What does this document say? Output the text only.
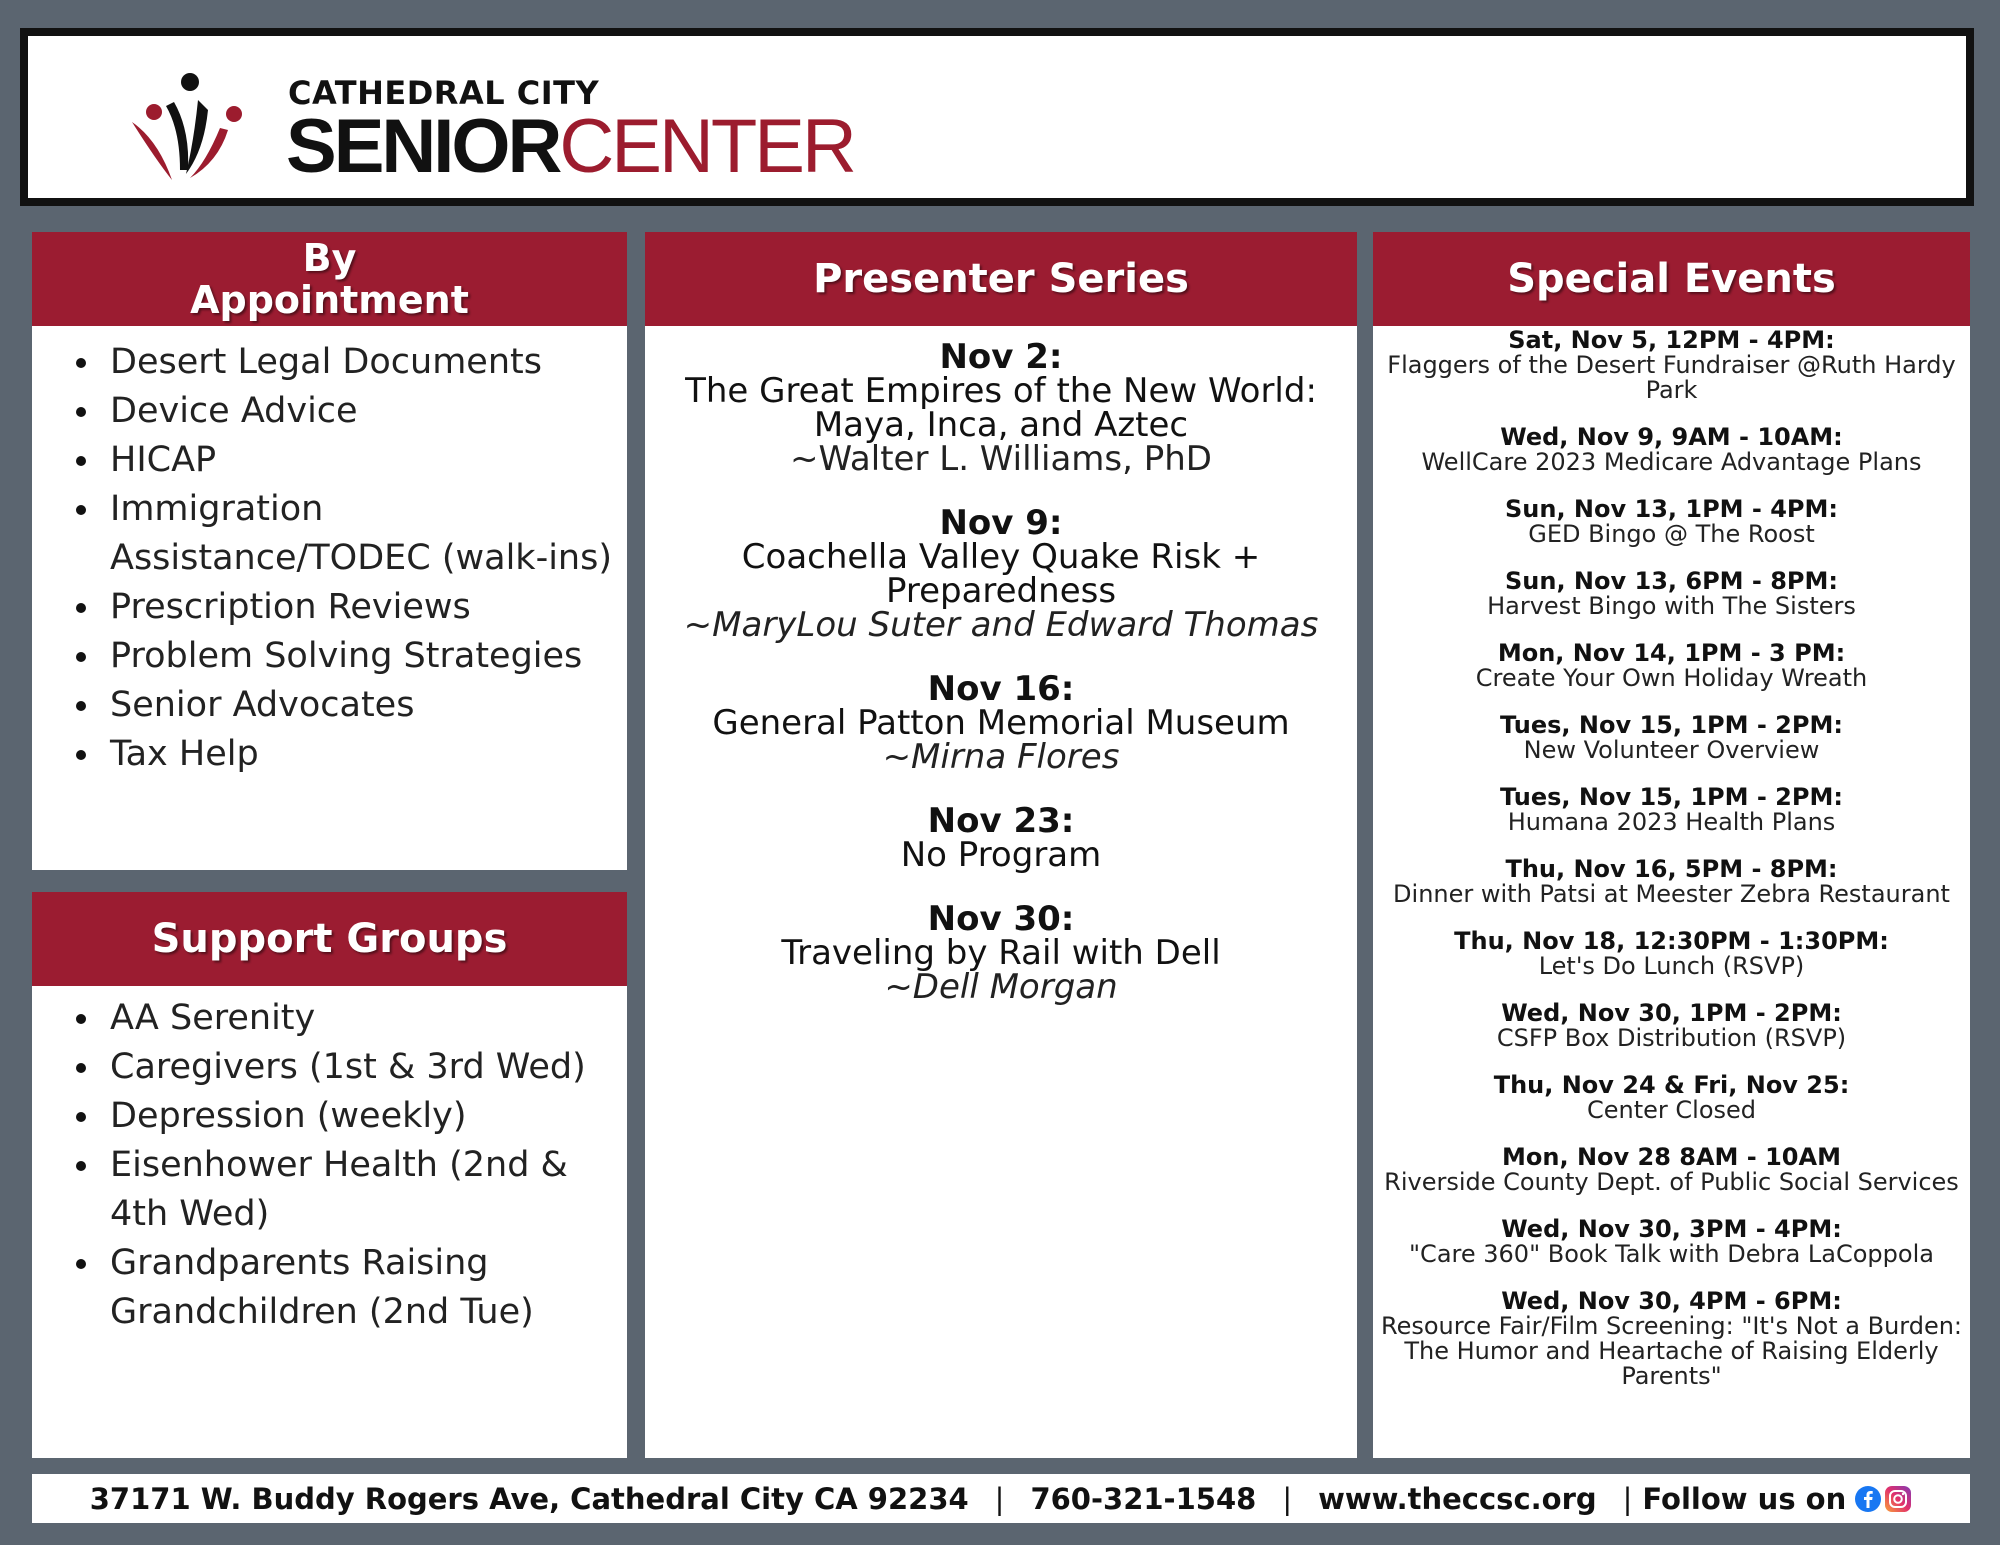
CATHEDRAL CITY
SENIORCENTER
By Appointment
Desert Legal Documents
Device Advice
HICAP
Immigration Assistance/TODEC (walk-ins)
Prescription Reviews
Problem Solving Strategies
Senior Advocates
Tax Help
Support Groups
AA Serenity
Caregivers (1st & 3rd Wed)
Depression (weekly)
Eisenhower Health (2nd & 4th Wed)
Grandparents Raising Grandchildren (2nd Tue)
Presenter Series
Nov 2:
The Great Empires of the New World: Maya, Inca, and Aztec
~Walter L. Williams, PhD
Nov 9:
Coachella Valley Quake Risk + Preparedness
~MaryLou Suter and Edward Thomas
Nov 16:
General Patton Memorial Museum
~Mirna Flores
Nov 23:
No Program
Nov 30:
Traveling by Rail with Dell
~Dell Morgan
Special Events
Sat, Nov 5, 12PM - 4PM:
Flaggers of the Desert Fundraiser @Ruth Hardy Park
Wed, Nov 9, 9AM - 10AM:
WellCare 2023 Medicare Advantage Plans
Sun, Nov 13, 1PM - 4PM:
GED Bingo @ The Roost
Sun, Nov 13, 6PM - 8PM:
Harvest Bingo with The Sisters
Mon, Nov 14, 1PM - 3 PM:
Create Your Own Holiday Wreath
Tues, Nov 15, 1PM - 2PM:
New Volunteer Overview
Tues, Nov 15, 1PM - 2PM:
Humana 2023 Health Plans
Thu, Nov 16, 5PM - 8PM:
Dinner with Patsi at Meester Zebra Restaurant
Thu, Nov 18, 12:30PM - 1:30PM:
Let's Do Lunch (RSVP)
Wed, Nov 30, 1PM - 2PM:
CSFP Box Distribution (RSVP)
Thu, Nov 24 & Fri, Nov 25:
Center Closed
Mon, Nov 28 8AM - 10AM
Riverside County Dept. of Public Social Services
Wed, Nov 30, 3PM - 4PM:
"Care 360" Book Talk with Debra LaCoppola
Wed, Nov 30, 4PM - 6PM:
Resource Fair/Film Screening: "It's Not a Burden: The Humor and Heartache of Raising Elderly Parents"
37171 W. Buddy Rogers Ave, Cathedral City CA 92234 | 760-321-1548 | www.theccsc.org | Follow us on
